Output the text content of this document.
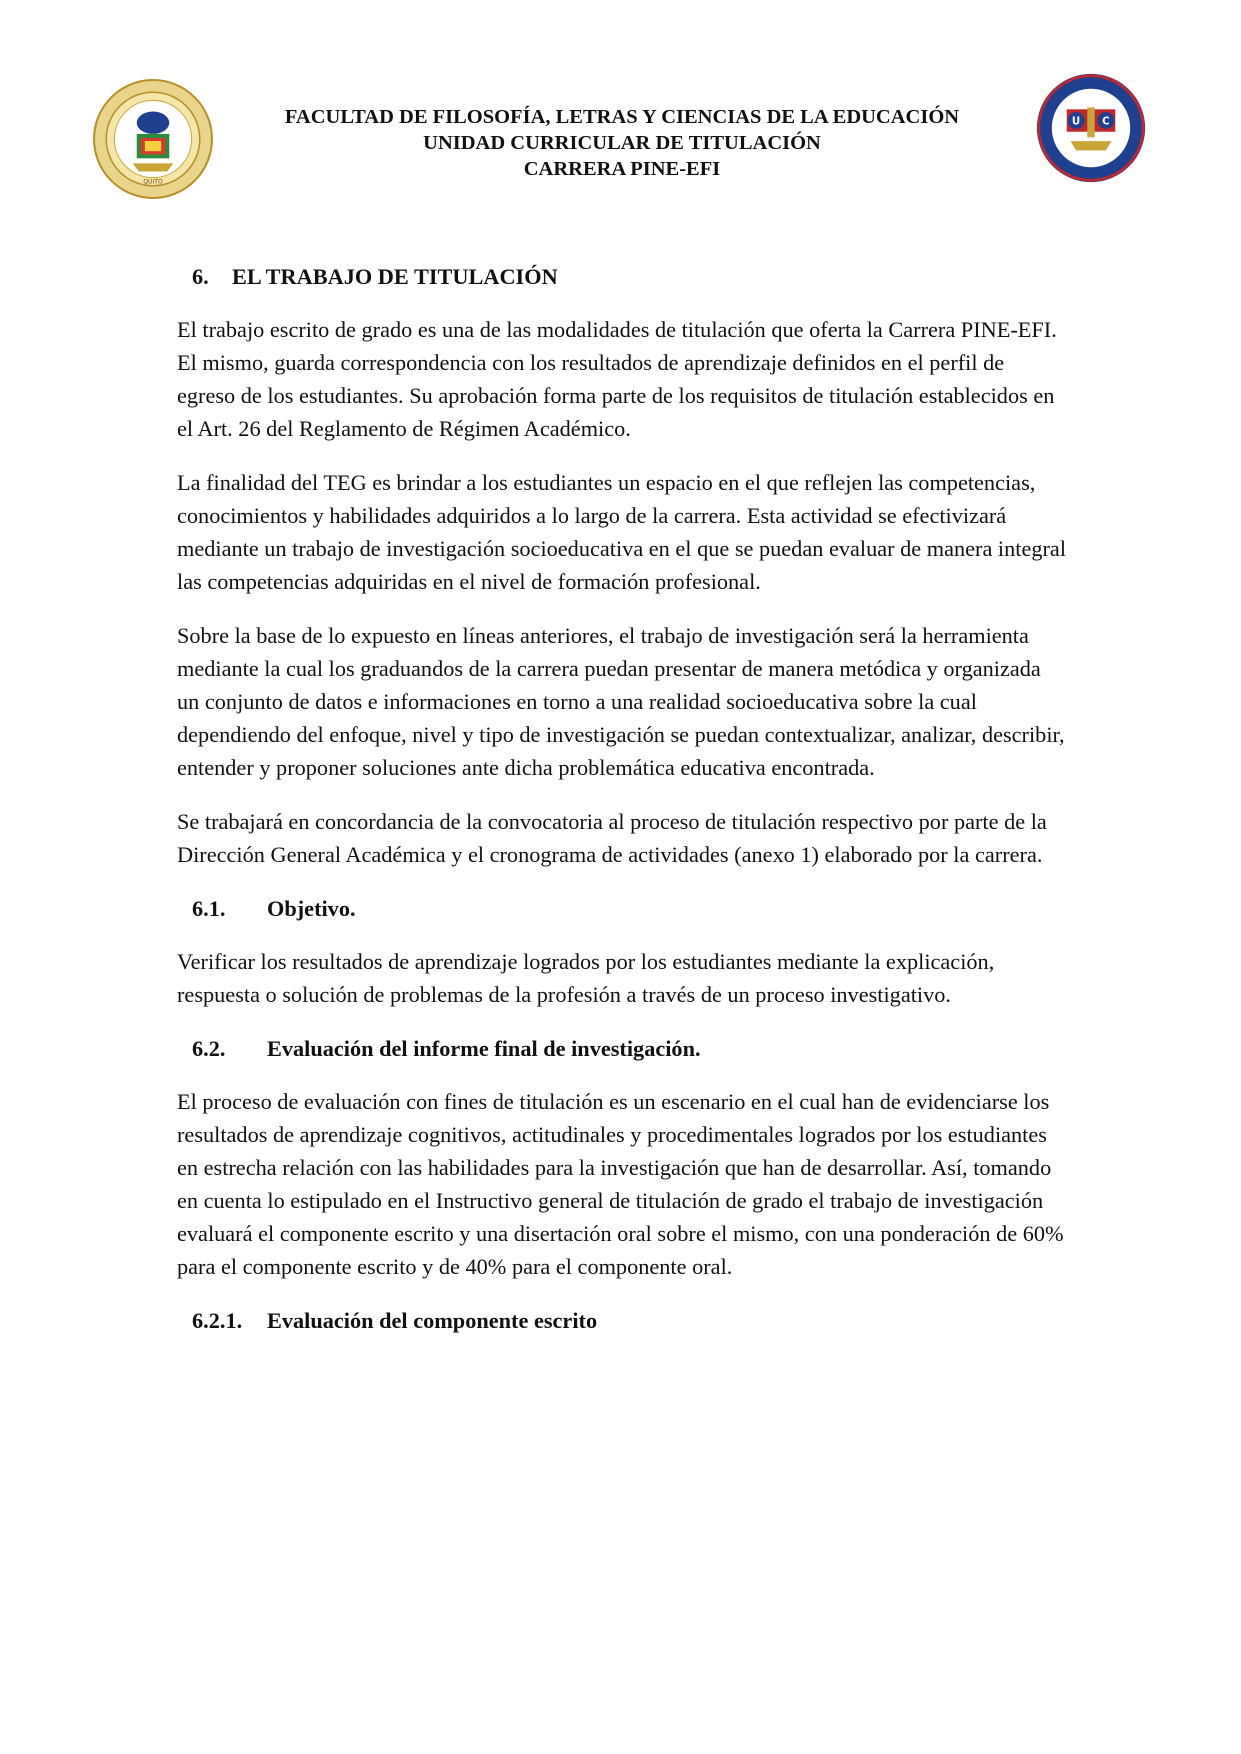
QUITO
U C
FACULTAD DE FILOSOFÍA, LETRAS Y CIENCIAS DE LA EDUCACIÓN
UNIDAD CURRICULAR DE TITULACIÓN
CARRERA PINE-EFI
6.	EL TRABAJO DE TITULACIÓN

El trabajo escrito de grado es una de las modalidades de titulación que oferta la Carrera PINE-EFI. El mismo, guarda correspondencia con los resultados de aprendizaje definidos en el perfil de egreso de los estudiantes. Su aprobación forma parte de los requisitos de titulación establecidos en el Art. 26 del Reglamento de Régimen Académico.

La finalidad del TEG es brindar a los estudiantes un espacio en el que reflejen las competencias, conocimientos y habilidades adquiridos a lo largo de la carrera. Esta actividad se efectivizará mediante un trabajo de investigación socioeducativa en el que se puedan evaluar de manera integral las competencias adquiridas en el nivel de formación profesional.

Sobre la base de lo expuesto en líneas anteriores, el trabajo de investigación será la herramienta mediante la cual los graduandos de la carrera puedan presentar de manera metódica y organizada un conjunto de datos e informaciones en torno a una realidad socioeducativa sobre la cual dependiendo del enfoque, nivel y tipo de investigación se puedan contextualizar, analizar, describir, entender y proponer soluciones ante dicha problemática educativa encontrada.

Se trabajará en concordancia de la convocatoria al proceso de titulación respectivo por parte de la Dirección General Académica y el cronograma de actividades (anexo 1) elaborado por la carrera.

6.1.	Objetivo.

Verificar los resultados de aprendizaje logrados por los estudiantes mediante la explicación, respuesta o solución de problemas de la profesión a través de un proceso investigativo.

6.2.	Evaluación del informe final de investigación.

El proceso de evaluación con fines de titulación es un escenario en el cual han de evidenciarse los resultados de aprendizaje cognitivos, actitudinales y procedimentales logrados por los estudiantes en estrecha relación con las habilidades para la investigación que han de desarrollar. Así, tomando en cuenta lo estipulado en el Instructivo general de titulación de grado el trabajo de investigación evaluará el componente escrito y una disertación oral sobre el mismo, con una ponderación de 60% para el componente escrito y de 40% para el componente oral.

6.2.1.	Evaluación del componente escrito
